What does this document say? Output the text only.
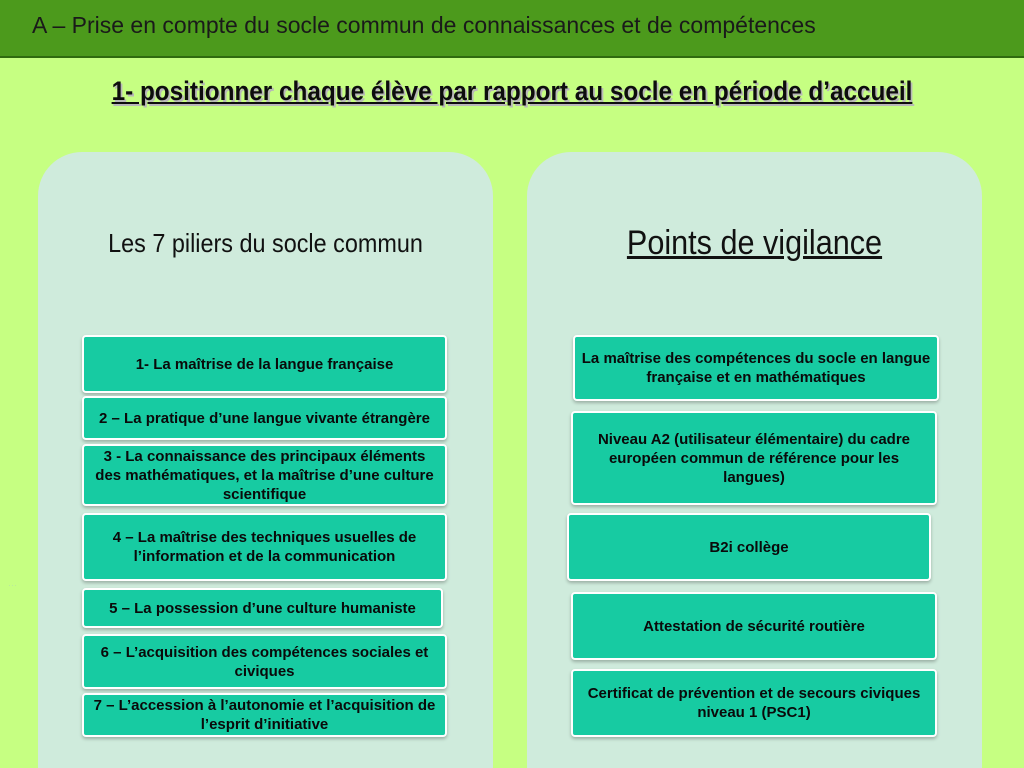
A – Prise en compte du socle commun de connaissances et de compétences
1- positionner chaque élève par rapport au socle en période d’accueil
···
Les 7 piliers du socle commun
1- La maîtrise de la langue française
2 – La pratique d’une langue vivante étrangère
3 - La connaissance des principaux éléments des mathématiques, et la maîtrise d’une culture scientifique
4 – La maîtrise des techniques usuelles de l’information et de la communication
5 – La possession d’une culture humaniste
6 – L’acquisition des compétences sociales et civiques
7 – L’accession à l’autonomie et l’acquisition de l’esprit d’initiative
Points de vigilance
La maîtrise des compétences du socle en langue française et en mathématiques
Niveau A2 (utilisateur élémentaire) du cadre européen commun de référence pour les langues)
B2i collège
Attestation de sécurité routière
Certificat de prévention et de secours civiques niveau 1 (PSC1)
